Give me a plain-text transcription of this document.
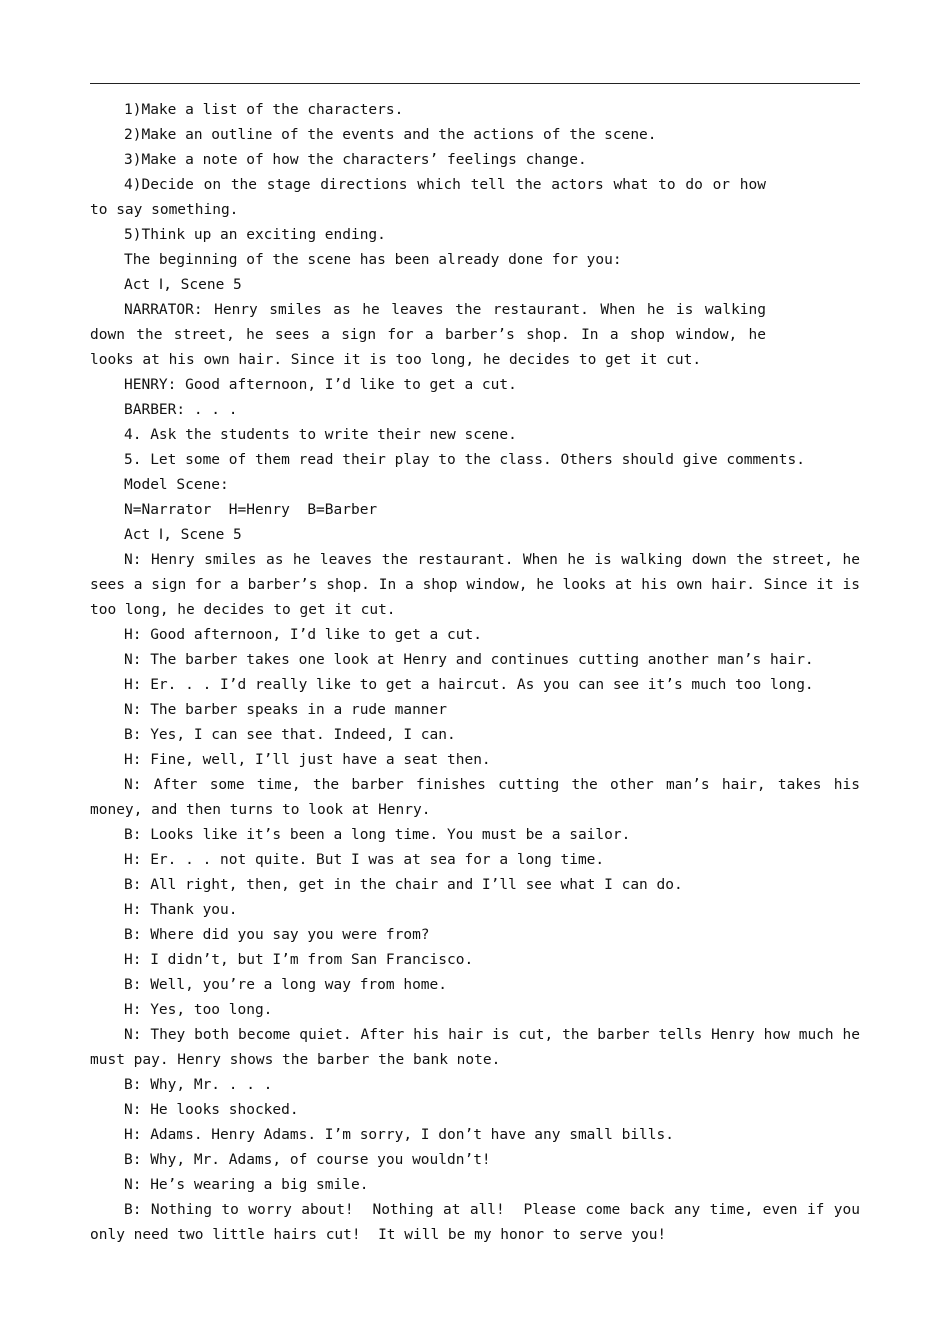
1)Make a list of the characters.

2)Make an outline of the events and the actions of the scene.

3)Make a note of how the characters’ feelings change.

4)Decide on the stage directions which tell the actors what to do or how to say something.

5)Think up an exciting ending.

The beginning of the scene has been already done for you:

Act Ⅰ, Scene 5

NARRATOR: Henry smiles as he leaves the restaurant. When he is walking down the street, he sees a sign for a barber’s shop. In a shop window, he looks at his own hair. Since it is too long, he decides to get it cut.

HENRY: Good afternoon, I’d like to get a cut.

BARBER: . . .

4. Ask the students to write their new scene.

5. Let some of them read their play to the class. Others should give comments.

Model Scene:

N=Narrator  H=Henry  B=Barber

Act Ⅰ, Scene 5

N: Henry smiles as he leaves the restaurant. When he is walking down the street, he sees a sign for a barber’s shop. In a shop window, he looks at his own hair. Since it is too long, he decides to get it cut.

H: Good afternoon, I’d like to get a cut.

N: The barber takes one look at Henry and continues cutting another man’s hair.

H: Er. . . I’d really like to get a haircut. As you can see it’s much too long.

N: The barber speaks in a rude manner

B: Yes, I can see that. Indeed, I can.

H: Fine, well, I’ll just have a seat then.

N: After some time, the barber finishes cutting the other man’s hair, takes his money, and then turns to look at Henry.

B: Looks like it’s been a long time. You must be a sailor.

H: Er. . . not quite. But I was at sea for a long time.

B: All right, then, get in the chair and I’ll see what I can do.

H: Thank you.

B: Where did you say you were from?

H: I didn’t, but I’m from San Francisco.

B: Well, you’re a long way from home.

H: Yes, too long.

N: They both become quiet. After his hair is cut, the barber tells Henry how much he must pay. Henry shows the barber the bank note.

B: Why, Mr. . . .

N: He looks shocked.

H: Adams. Henry Adams. I’m sorry, I don’t have any small bills.

B: Why, Mr. Adams, of course you wouldn’t!

N: He’s wearing a big smile.

B: Nothing to worry about!  Nothing at all!  Please come back any time, even if you only need two little hairs cut!  It will be my honor to serve you!
